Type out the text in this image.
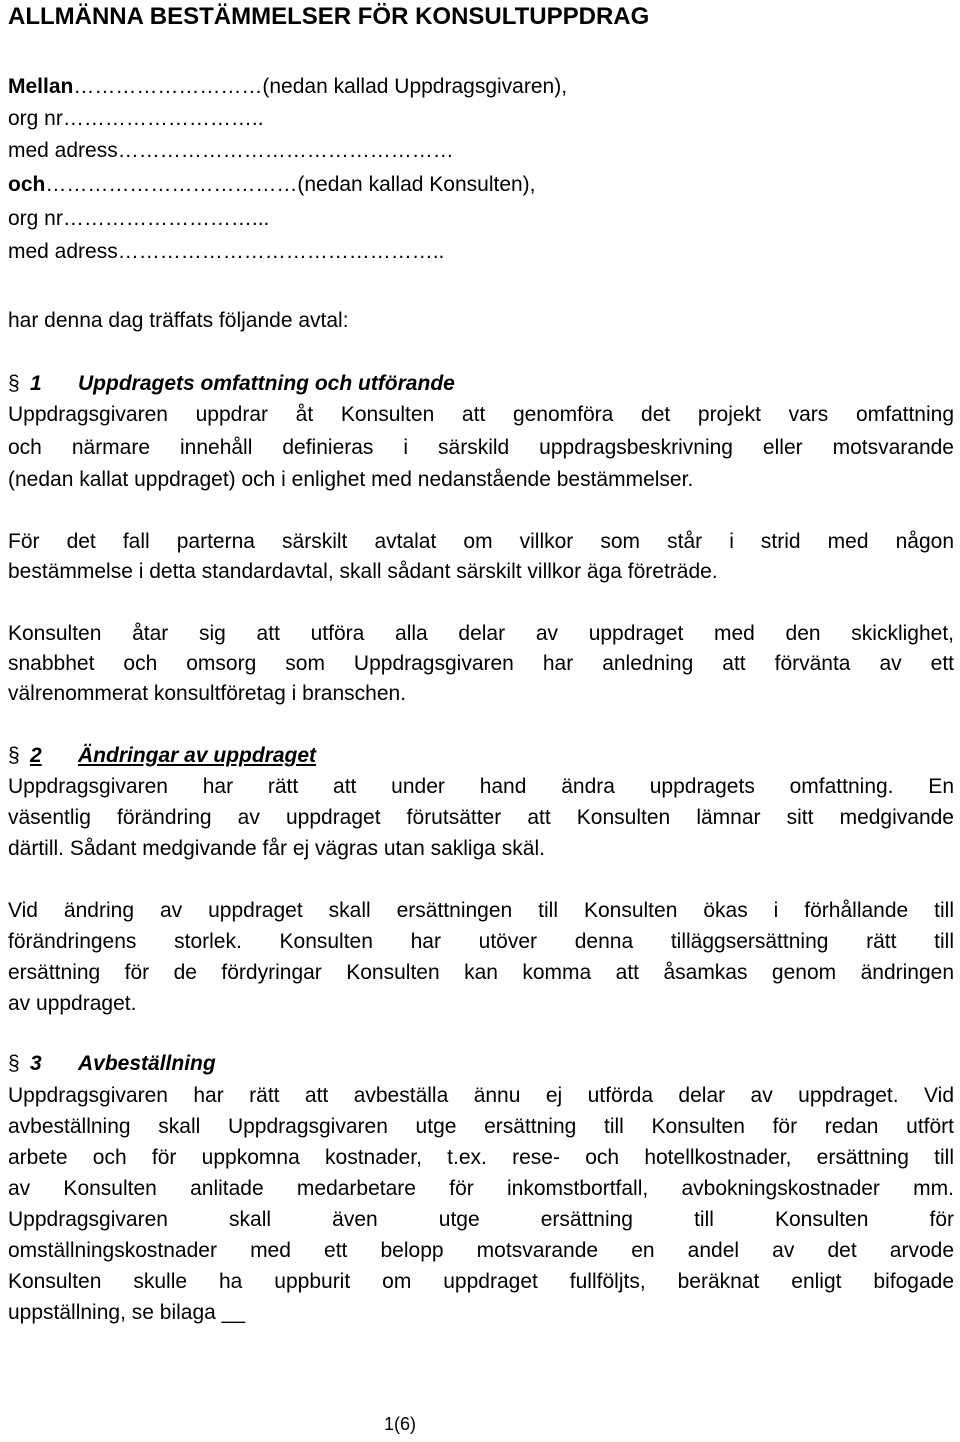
ALLMÄNNA BESTÄMMELSER FÖR KONSULTUPPDRAG
Mellan………………………(nedan kallad Uppdragsgivaren),
org nr………………………..
med adress…………………………………………
och………………………………(nedan kallad Konsulten),
org nr………………………...
med adress………………………………………..
har denna dag träffats följande avtal:
§ 1 Uppdragets omfattning och utförande
Uppdragsgivaren uppdrar åt Konsulten att genomföra det projekt vars omfattning
och närmare innehåll definieras i särskild uppdragsbeskrivning eller motsvarande
(nedan kallat uppdraget) och i enlighet med nedanstående bestämmelser.
För det fall parterna särskilt avtalat om villkor som står i strid med någon
bestämmelse i detta standardavtal, skall sådant särskilt villkor äga företräde.
Konsulten åtar sig att utföra alla delar av uppdraget med den skicklighet,
snabbhet och omsorg som Uppdragsgivaren har anledning att förvänta av ett
välrenommerat konsultföretag i branschen.
§ 2 Ändringar av uppdraget
Uppdragsgivaren har rätt att under hand ändra uppdragets omfattning. En
väsentlig förändring av uppdraget förutsätter att Konsulten lämnar sitt medgivande
därtill. Sådant medgivande får ej vägras utan sakliga skäl.
Vid ändring av uppdraget skall ersättningen till Konsulten ökas i förhållande till
förändringens storlek. Konsulten har utöver denna tilläggsersättning rätt till
ersättning för de fördyringar Konsulten kan komma att åsamkas genom ändringen
av uppdraget.
§ 3 Avbeställning
Uppdragsgivaren har rätt att avbeställa ännu ej utförda delar av uppdraget. Vid
avbeställning skall Uppdragsgivaren utge ersättning till Konsulten för redan utfört
arbete och för uppkomna kostnader, t.ex. rese- och hotellkostnader, ersättning till
av Konsulten anlitade medarbetare för inkomstbortfall, avbokningskostnader mm.
Uppdragsgivaren skall även utge ersättning till Konsulten för
omställningskostnader med ett belopp motsvarande en andel av det arvode
Konsulten skulle ha uppburit om uppdraget fullföljts, beräknat enligt bifogade
uppställning, se bilaga __
1(6)
